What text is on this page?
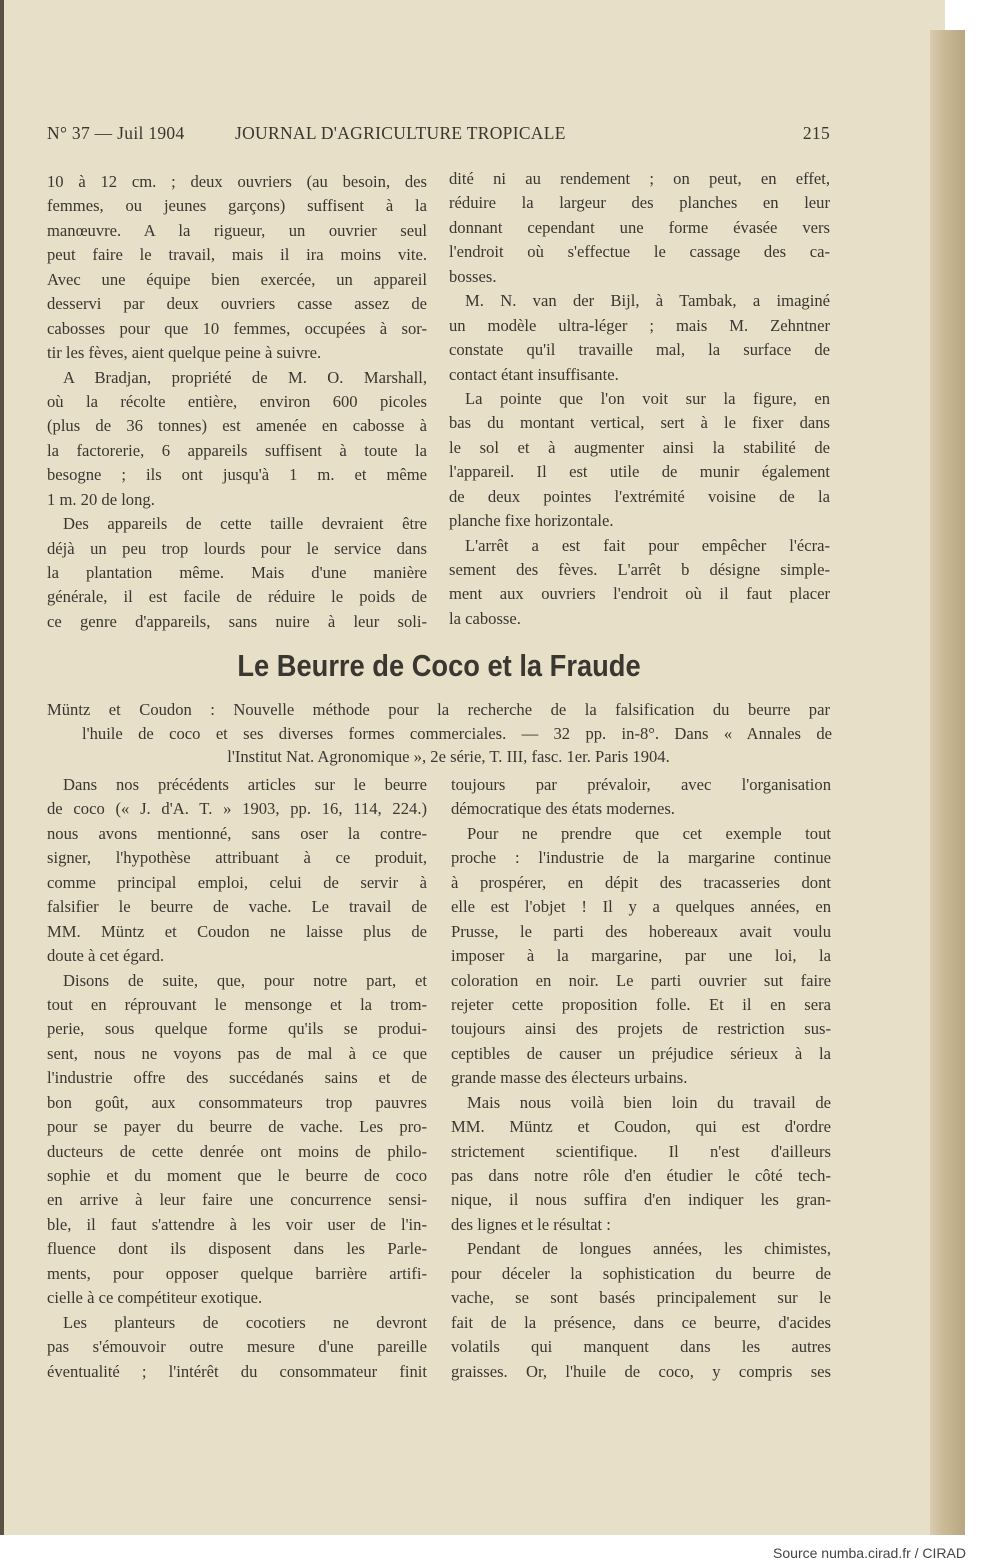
N° 37 — Juil 1904	JOURNAL D'AGRICULTURE TROPICALE	215
10 à 12 cm. ; deux ouvriers (au besoin, des
femmes, ou jeunes garçons) suffisent à la
manœuvre. A la rigueur, un ouvrier seul
peut faire le travail, mais il ira moins vite.
Avec une équipe bien exercée, un appareil
desservi par deux ouvriers casse assez de
cabosses pour que 10 femmes, occupées à sor-
tir les fèves, aient quelque peine à suivre.
A Bradjan, propriété de M. O. Marshall,
où la récolte entière, environ 600 picoles
(plus de 36 tonnes) est amenée en cabosse à
la factorerie, 6 appareils suffisent à toute la
besogne ; ils ont jusqu'à 1 m. et même
1 m. 20 de long.
Des appareils de cette taille devraient être
déjà un peu trop lourds pour le service dans
la plantation même. Mais d'une manière
générale, il est facile de réduire le poids de
ce genre d'appareils, sans nuire à leur soli-
dité ni au rendement ; on peut, en effet,
réduire la largeur des planches en leur
donnant cependant une forme évasée vers
l'endroit où s'effectue le cassage des ca-
bosses.
M. N. van der Bijl, à Tambak, a imaginé
un modèle ultra-léger ; mais M. Zehntner
constate qu'il travaille mal, la surface de
contact étant insuffisante.
La pointe que l'on voit sur la figure, en
bas du montant vertical, sert à le fixer dans
le sol et à augmenter ainsi la stabilité de
l'appareil. Il est utile de munir également
de deux pointes l'extrémité voisine de la
planche fixe horizontale.
L'arrêt a est fait pour empêcher l'écra-
sement des fèves. L'arrêt b désigne simple-
ment aux ouvriers l'endroit où il faut placer
la cabosse.
Le Beurre de Coco et la Fraude
Müntz et Coudon : Nouvelle méthode pour la recherche de la falsification du beurre par
l'huile de coco et ses diverses formes commerciales. — 32 pp. in-8°. Dans « Annales de
l'Institut Nat. Agronomique », 2e série, T. III, fasc. 1er. Paris 1904.
Dans nos précédents articles sur le beurre
de coco (« J. d'A. T. » 1903, pp. 16, 114, 224.)
nous avons mentionné, sans oser la contre-
signer, l'hypothèse attribuant à ce produit,
comme principal emploi, celui de servir à
falsifier le beurre de vache. Le travail de
MM. Müntz et Coudon ne laisse plus de
doute à cet égard.
Disons de suite, que, pour notre part, et
tout en réprouvant le mensonge et la trom-
perie, sous quelque forme qu'ils se produi-
sent, nous ne voyons pas de mal à ce que
l'industrie offre des succédanés sains et de
bon goût, aux consommateurs trop pauvres
pour se payer du beurre de vache. Les pro-
ducteurs de cette denrée ont moins de philo-
sophie et du moment que le beurre de coco
en arrive à leur faire une concurrence sensi-
ble, il faut s'attendre à les voir user de l'in-
fluence dont ils disposent dans les Parle-
ments, pour opposer quelque barrière artifi-
cielle à ce compétiteur exotique.
Les planteurs de cocotiers ne devront
pas s'émouvoir outre mesure d'une pareille
éventualité ; l'intérêt du consommateur finit
toujours par prévaloir, avec l'organisation
démocratique des états modernes.
Pour ne prendre que cet exemple tout
proche : l'industrie de la margarine continue
à prospérer, en dépit des tracasseries dont
elle est l'objet ! Il y a quelques années, en
Prusse, le parti des hobereaux avait voulu
imposer à la margarine, par une loi, la
coloration en noir. Le parti ouvrier sut faire
rejeter cette proposition folle. Et il en sera
toujours ainsi des projets de restriction sus-
ceptibles de causer un préjudice sérieux à la
grande masse des électeurs urbains.
Mais nous voilà bien loin du travail de
MM. Müntz et Coudon, qui est d'ordre
strictement scientifique. Il n'est d'ailleurs
pas dans notre rôle d'en étudier le côté tech-
nique, il nous suffira d'en indiquer les gran-
des lignes et le résultat :
Pendant de longues années, les chimistes,
pour déceler la sophistication du beurre de
vache, se sont basés principalement sur le
fait de la présence, dans ce beurre, d'acides
volatils qui manquent dans les autres
graisses. Or, l'huile de coco, y compris ses
Source numba.cirad.fr / CIRAD
